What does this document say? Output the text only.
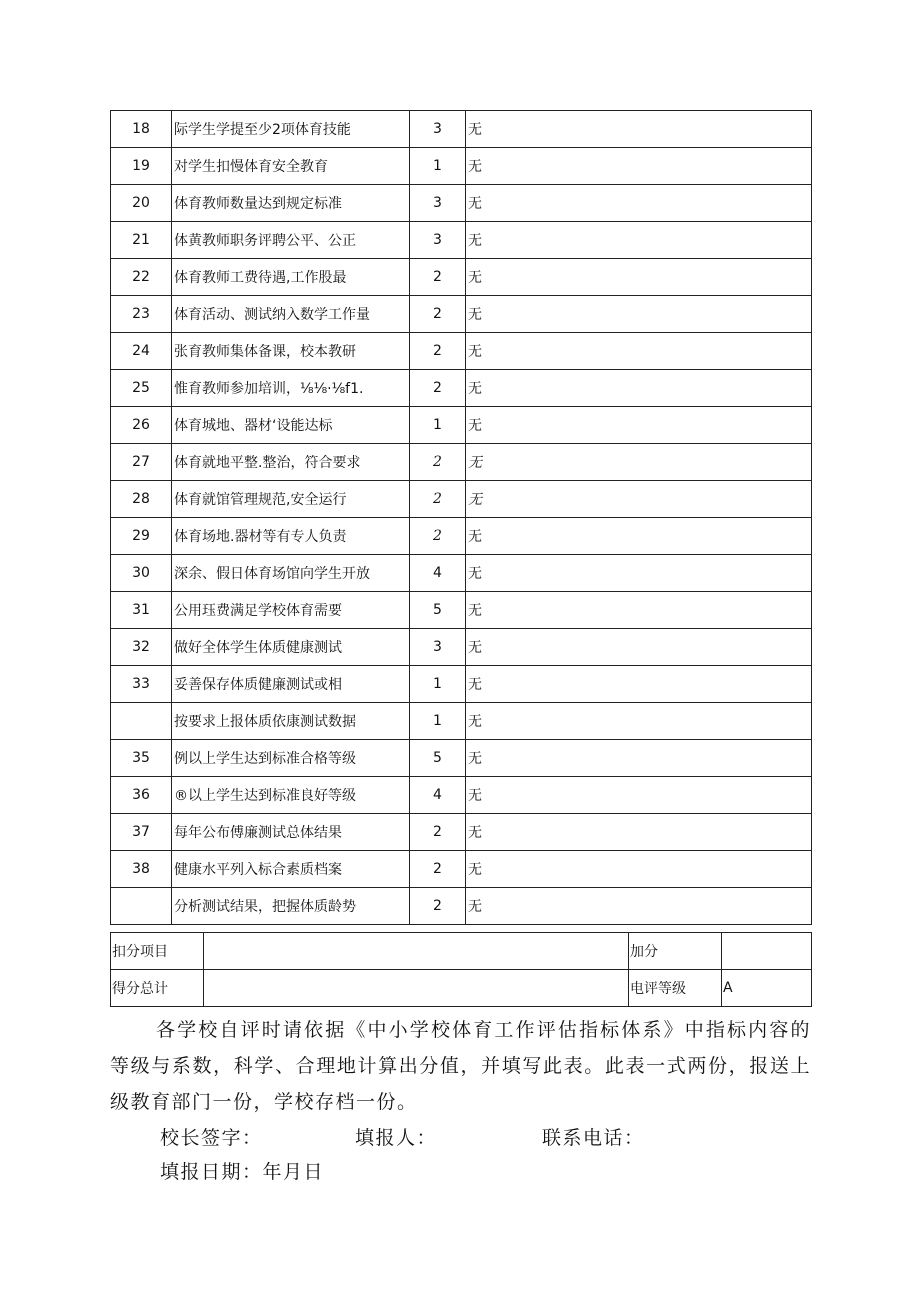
18	际学生学提至少2项体育技能	3	无
19	对学生扣慢体育安全教育	1	无
20	体育教师数量达到规定标准	3	无
21	体黄教师职务评聘公平、公正	3	无
22	体育教师工费待遇,工作股最	2	无
23	体育活动、测试纳入数学工作量	2	无
24	张育教师集体备课，校本教研	2	无
25	惟育教师参加培训，⅛⅛·⅛f1.	2	无
26	体育城地、器材‘设能达标	1	无
27	体育就地平整.整治，符合要求	2	无
28	体育就馆管理规范,安全运行	2	无
29	体育场地.器材等有专人负责	2	无
30	深余、假日体育场馆向学生开放	4	无
31	公用珏费满足学校体育需要	5	无
32	做好全体学生体质健康测试	3	无
33	妥善保存体质健廉测试或相	1	无
	按要求上报体质依康测试数据	1	无
35	例以上学生达到标准合格等级	5	无
36	®以上学生达到标准良好等级	4	无
37	每年公布傅廉测试总体结果	2	无
38	健康水平列入标合素质档案	2	无
	分析测试结果，把握体质龄势	2	无
扣分项目		加分	
得分总计		电评等级	A
各学校自评时请依据《中小学校体育工作评估指标体系》中指标内容的等级与系数，科学、合理地计算出分值，并填写此表。此表一式两份，报送上级教育部门一份，学校存档一份。
校长签字：	填报人：	联系电话：
填报日期：年月日
